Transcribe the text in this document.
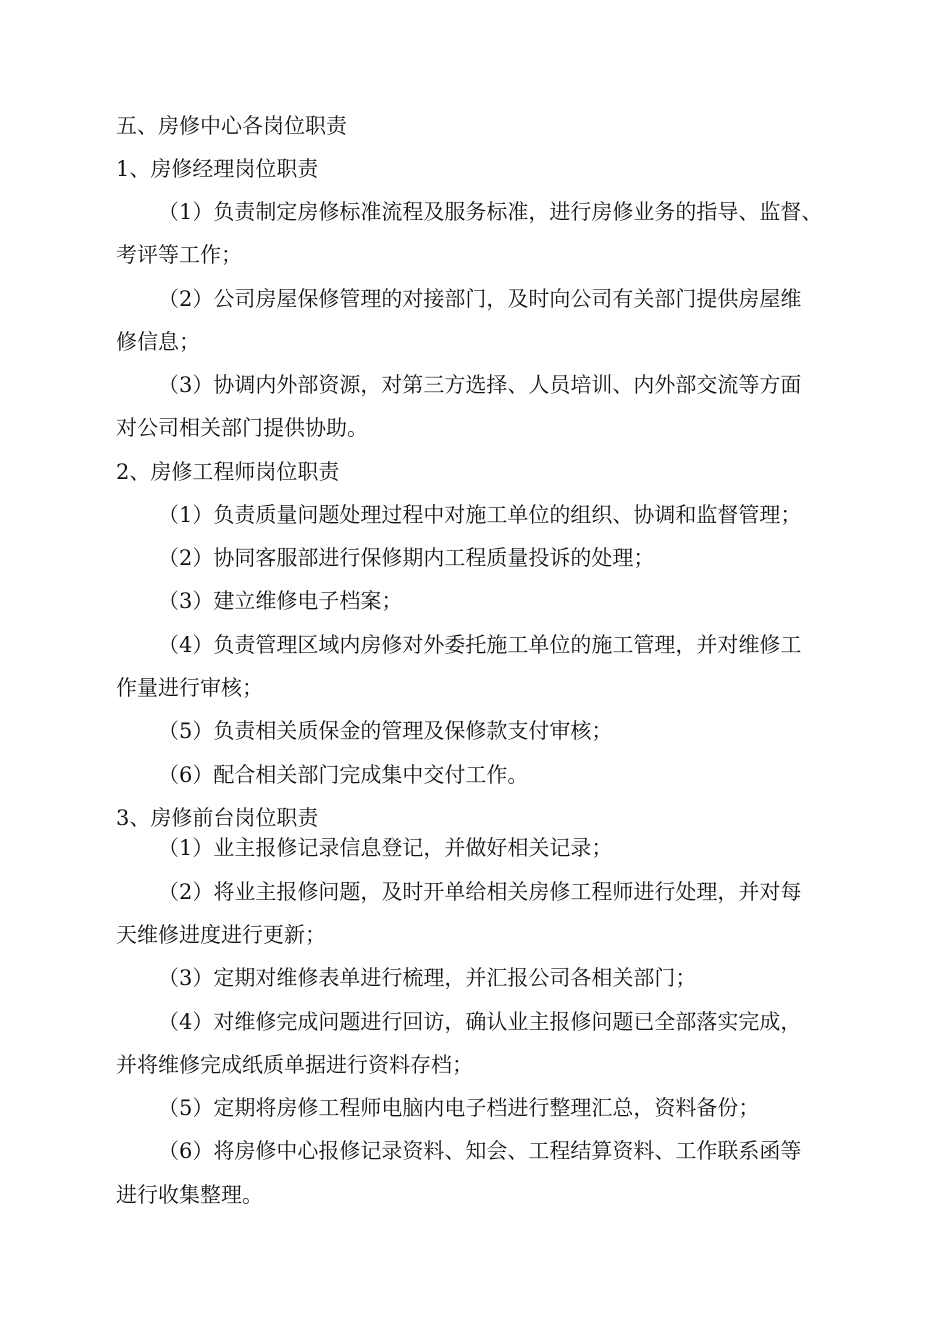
五、房修中心各岗位职责
1、房修经理岗位职责
（1）负责制定房修标准流程及服务标准，进行房修业务的指导、监督、
考评等工作；
（2）公司房屋保修管理的对接部门，及时向公司有关部门提供房屋维
修信息；
（3）协调内外部资源，对第三方选择、人员培训、内外部交流等方面
对公司相关部门提供协助。
2、房修工程师岗位职责
（1）负责质量问题处理过程中对施工单位的组织、协调和监督管理；
（2）协同客服部进行保修期内工程质量投诉的处理；
（3）建立维修电子档案；
（4）负责管理区域内房修对外委托施工单位的施工管理，并对维修工
作量进行审核；
（5）负责相关质保金的管理及保修款支付审核；
（6）配合相关部门完成集中交付工作。
3、房修前台岗位职责
（1）业主报修记录信息登记，并做好相关记录；
（2）将业主报修问题，及时开单给相关房修工程师进行处理，并对每
天维修进度进行更新；
（3）定期对维修表单进行梳理，并汇报公司各相关部门；
（4）对维修完成问题进行回访，确认业主报修问题已全部落实完成，
并将维修完成纸质单据进行资料存档；
（5）定期将房修工程师电脑内电子档进行整理汇总，资料备份；
（6）将房修中心报修记录资料、知会、工程结算资料、工作联系函等
进行收集整理。
